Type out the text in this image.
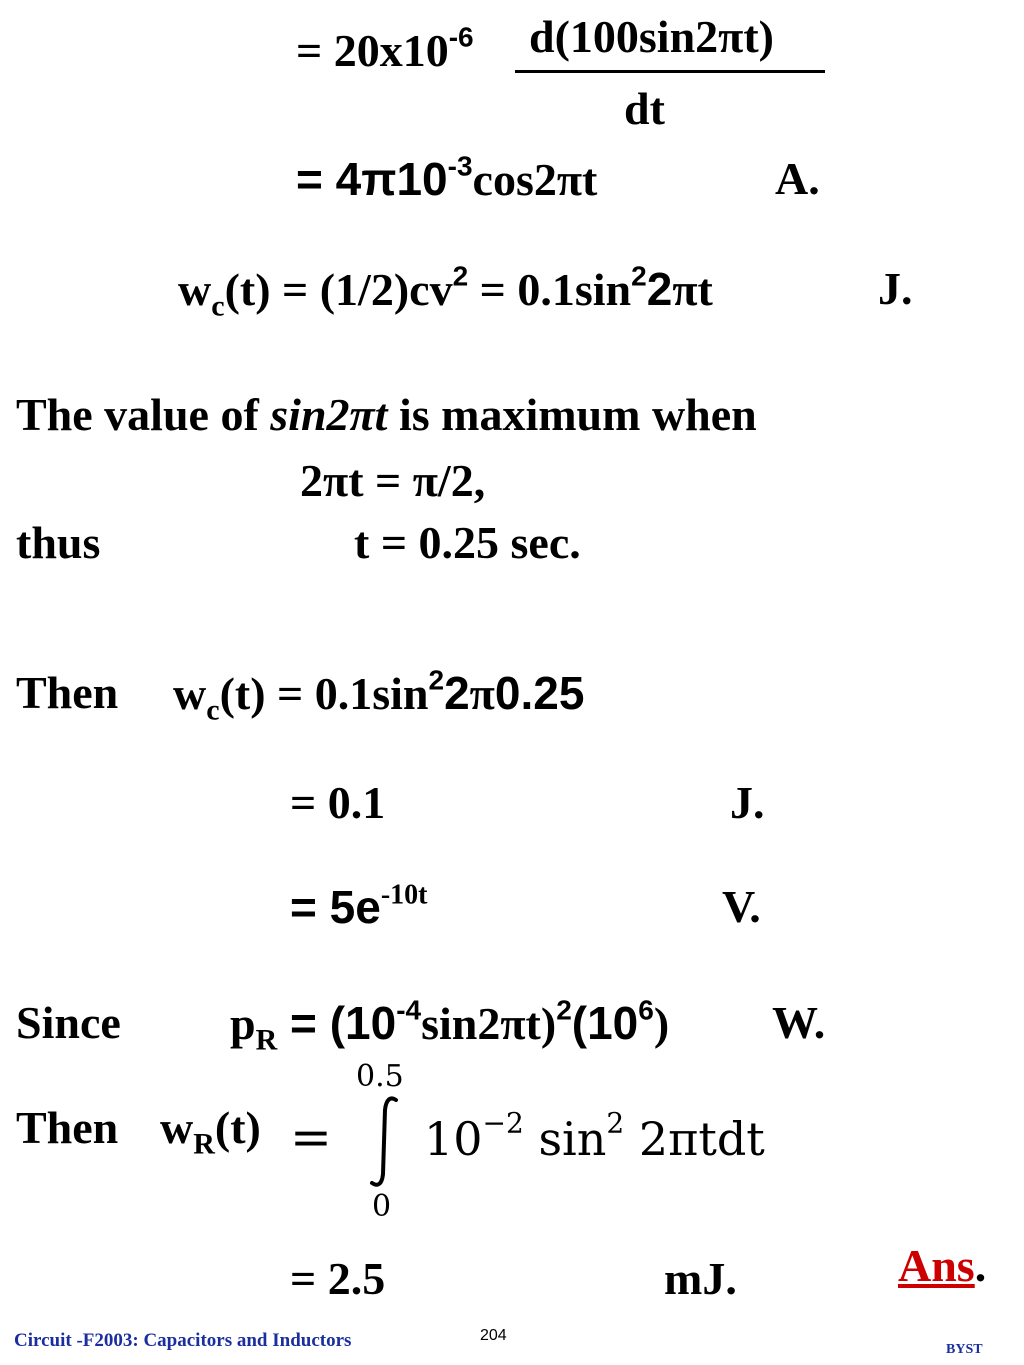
= $20x10^{-6}$ d(100sin2πt)
dt
= $4\pi 10^{-3}\cos 2\pi t$	A.
$w_c(t) = (1/2)cv^2 = 0.1\sin^22\pi t$	J.
The value of sin2πt is maximum when
2πt = π/2,
thus	t = 0.25 sec.
Then $w_c(t) = 0.1\sin^22\pi 0.25$
= 0.1	J.
= $5e^{-10t}$	V.
Since $p_R = (10^{-4}\sin 2\pi t)^2(10^6)$ W.
Then $w_R(t)$ =
0.5
0
$10^{-2}$ $\sin^2 2\pi tdt$
= 2.5	mJ.	Ans.
Circuit -F2003: Capacitors and Inductors	204
BYST
